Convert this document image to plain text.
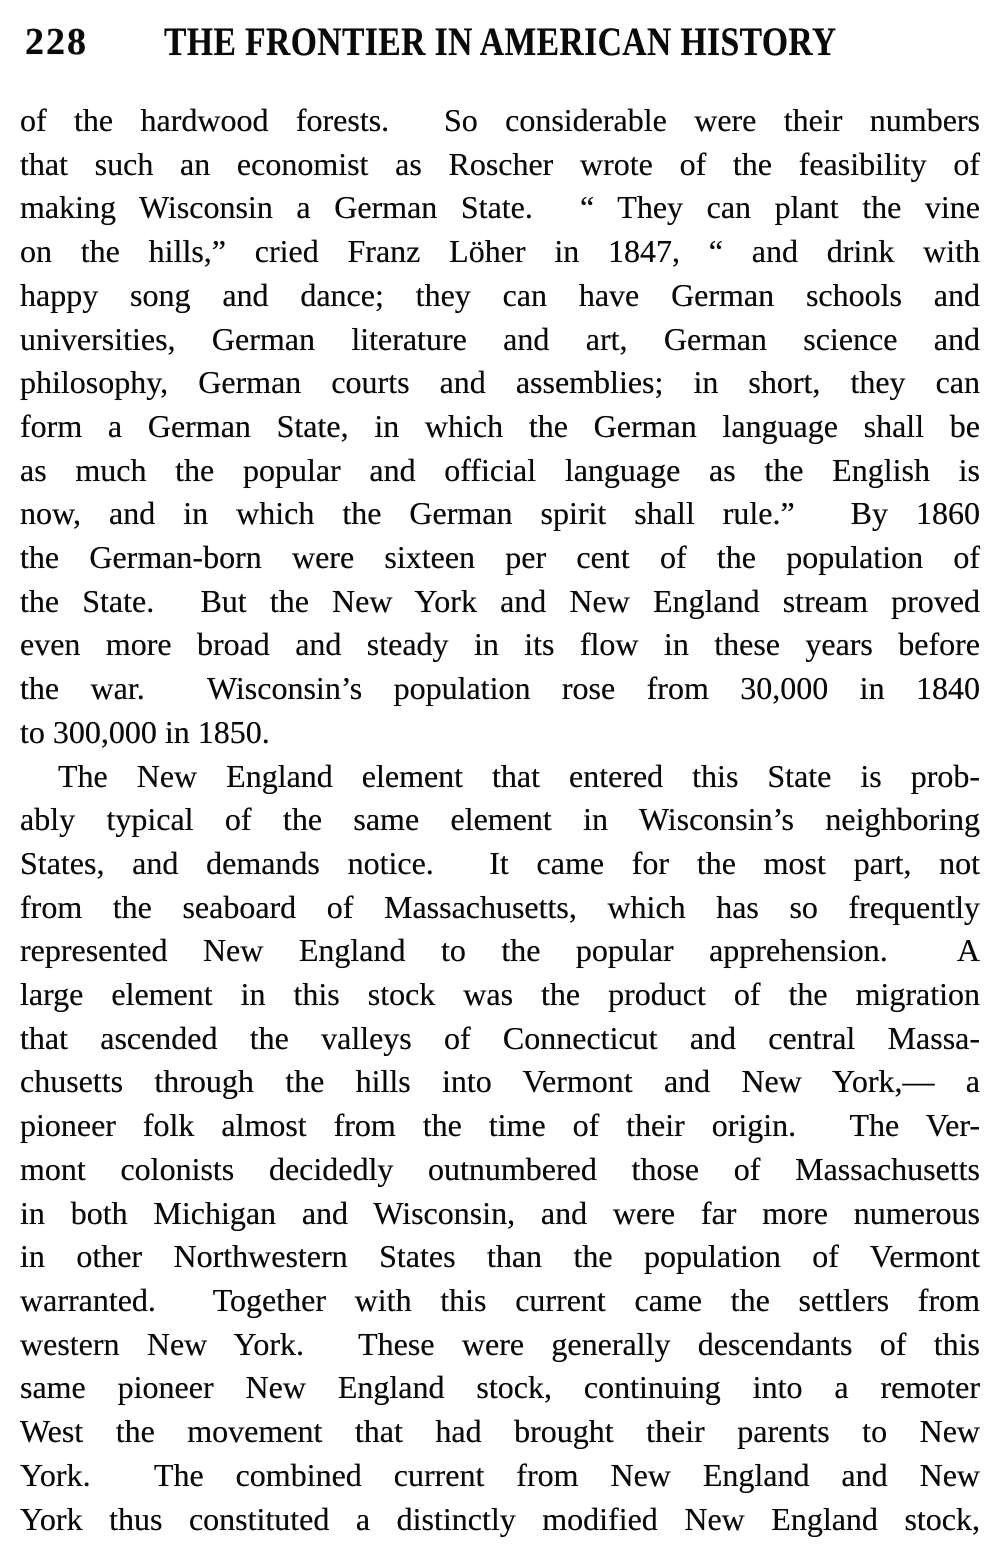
228	THE FRONTIER IN AMERICAN HISTORY
of the hardwood forests.  So considerable were their numbers
that such an economist as Roscher wrote of the feasibility of
making Wisconsin a German State.  “ They can plant the vine
on the hills,” cried Franz Löher in 1847, “ and drink with
happy song and dance; they can have German schools and
universities, German literature and art, German science and
philosophy, German courts and assemblies; in short, they can
form a German State, in which the German language shall be
as much the popular and official language as the English is
now, and in which the German spirit shall rule.”  By 1860
the German-born were sixteen per cent of the population of
the State.  But the New York and New England stream proved
even more broad and steady in its flow in these years before
the war.  Wisconsin’s population rose from 30,000 in 1840
to 300,000 in 1850.
The New England element that entered this State is prob-
ably typical of the same element in Wisconsin’s neighboring
States, and demands notice.  It came for the most part, not
from the seaboard of Massachusetts, which has so frequently
represented New England to the popular apprehension.  A
large element in this stock was the product of the migration
that ascended the valleys of Connecticut and central Massa-
chusetts through the hills into Vermont and New York,— a
pioneer folk almost from the time of their origin.  The Ver-
mont colonists decidedly outnumbered those of Massachusetts
in both Michigan and Wisconsin, and were far more numerous
in other Northwestern States than the population of Vermont
warranted.  Together with this current came the settlers from
western New York.  These were generally descendants of this
same pioneer New England stock, continuing into a remoter
West the movement that had brought their parents to New
York.  The combined current from New England and New
York thus constituted a distinctly modified New England stock,
